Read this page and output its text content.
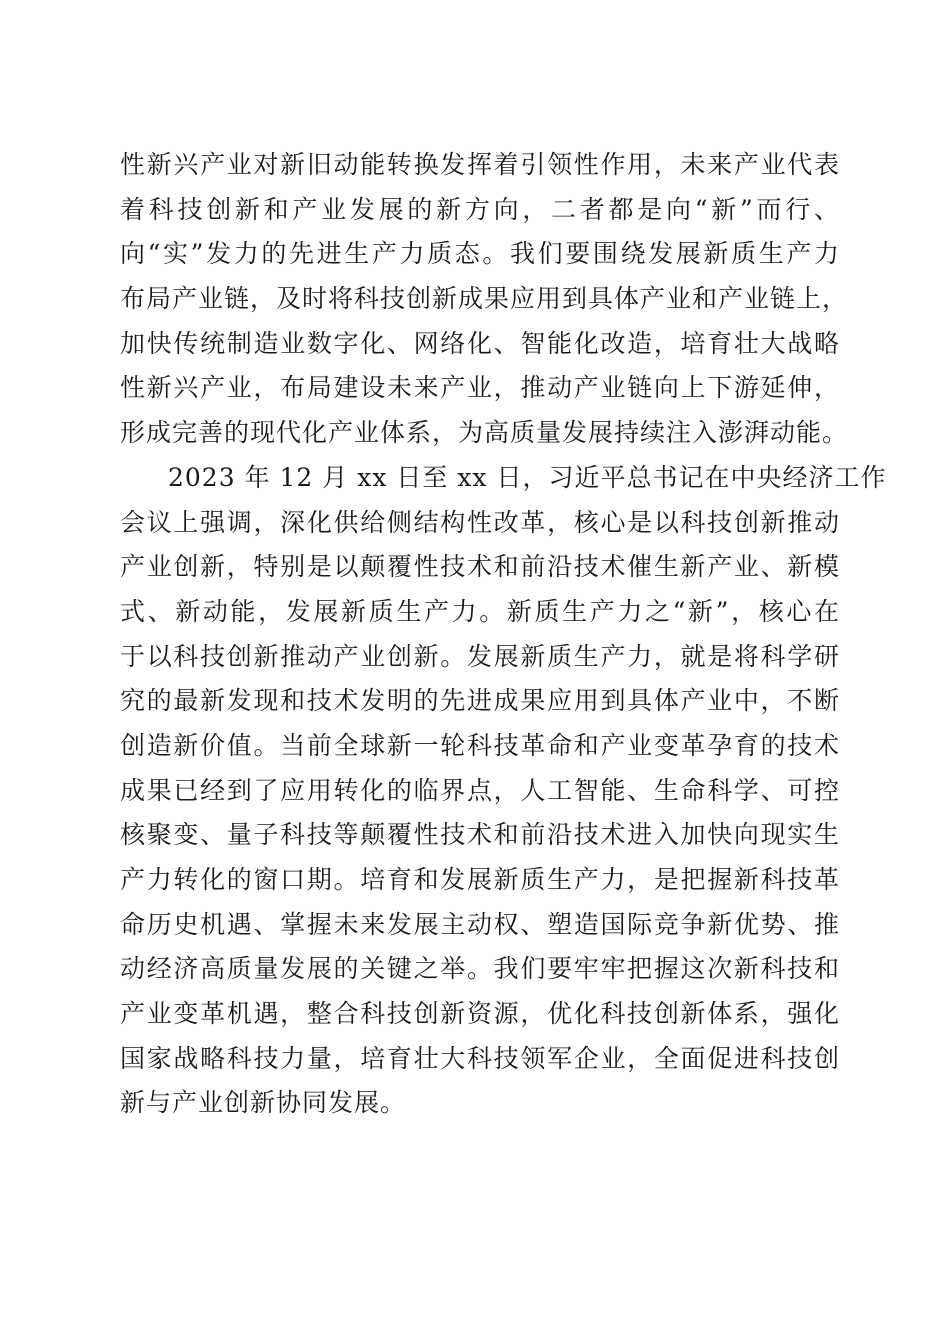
性新兴产业对新旧动能转换发挥着引领性作用，未来产业代表
着科技创新和产业发展的新方向，二者都是向“新”而行、
向“实”发力的先进生产力质态。我们要围绕发展新质生产力
布局产业链，及时将科技创新成果应用到具体产业和产业链上，
加快传统制造业数字化、网络化、智能化改造，培育壮大战略
性新兴产业，布局建设未来产业，推动产业链向上下游延伸，
形成完善的现代化产业体系，为高质量发展持续注入澎湃动能。
2023 年 12 月 xx 日至 xx 日，习近平总书记在中央经济工作
会议上强调，深化供给侧结构性改革，核心是以科技创新推动
产业创新，特别是以颠覆性技术和前沿技术催生新产业、新模
式、新动能，发展新质生产力。新质生产力之“新”，核心在
于以科技创新推动产业创新。发展新质生产力，就是将科学研
究的最新发现和技术发明的先进成果应用到具体产业中，不断
创造新价值。当前全球新一轮科技革命和产业变革孕育的技术
成果已经到了应用转化的临界点，人工智能、生命科学、可控
核聚变、量子科技等颠覆性技术和前沿技术进入加快向现实生
产力转化的窗口期。培育和发展新质生产力，是把握新科技革
命历史机遇、掌握未来发展主动权、塑造国际竞争新优势、推
动经济高质量发展的关键之举。我们要牢牢把握这次新科技和
产业变革机遇，整合科技创新资源，优化科技创新体系，强化
国家战略科技力量，培育壮大科技领军企业，全面促进科技创
新与产业创新协同发展。
